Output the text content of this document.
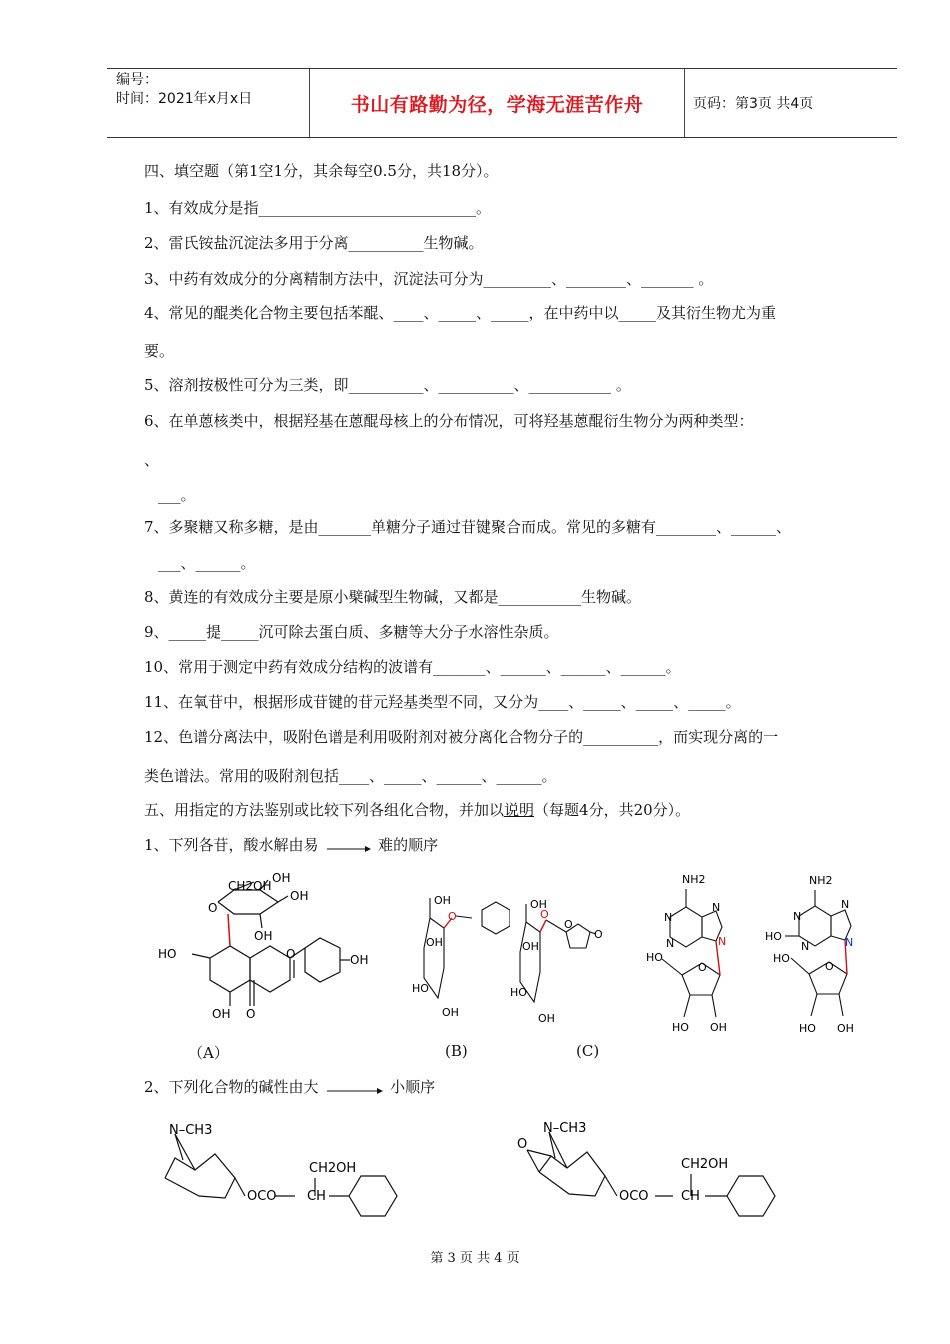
编号：
时间：2021年x月x日	书山有路勤为径，学海无涯苦作舟	页码：第3页 共4页
四、填空题（第1空1分，其余每空0.5分，共18分）。
1、有效成分是指_____________________________。
2、雷氏铵盐沉淀法多用于分离__________生物碱。
3、中药有效成分的分离精制方法中，沉淀法可分为_________、________、_______ 。
4、常见的醌类化合物主要包括苯醌、____、_____、_____，在中药中以_____及其衍生物尤为重
要。
5、溶剂按极性可分为三类，即__________、__________、___________ 。
6、在单蒽核类中，根据羟基在蒽醌母核上的分布情况，可将羟基蒽醌衍生物分为两种类型：
、
___。
7、多聚糖又称多糖，是由_______单糖分子通过苷键聚合而成。常见的多糖有________、______、
___、______。
8、黄连的有效成分主要是原小檗碱型生物碱，又都是___________生物碱。
9、_____提_____沉可除去蛋白质、多糖等大分子水溶性杂质。
10、常用于测定中药有效成分结构的波谱有_______、______、______、______。
11、在氧苷中，根据形成苷键的苷元羟基类型不同，又分为____、_____、_____、_____。
12、色谱分离法中，吸附色谱是利用吸附剂对被分离化合物分子的__________，而实现分离的一
类色谱法。常用的吸附剂包括____、_____、______、______。
五、用指定的方法鉴别或比较下列各组化合物，并加以说明（每题4分，共20分）。
1、下列各苷，酸水解由易	难的顺序
CH2OH
OH
OH
OH
O
HO	OH
O
OH O
O
OH
OH
HO
OH
O
OH
OH
HO
OH
O
O
NH2
N
N
N
N
HO
O
HO OH
NH2
N
N
N
N
HO
HO
O
HO OH
（A）	(B)	(C)
2、下列化合物的碱性由大	小顺序
N–CH3
OCO CH
CH2OH
O
N–CH3
OCO CH
CH2OH
第 3 页 共 4 页
